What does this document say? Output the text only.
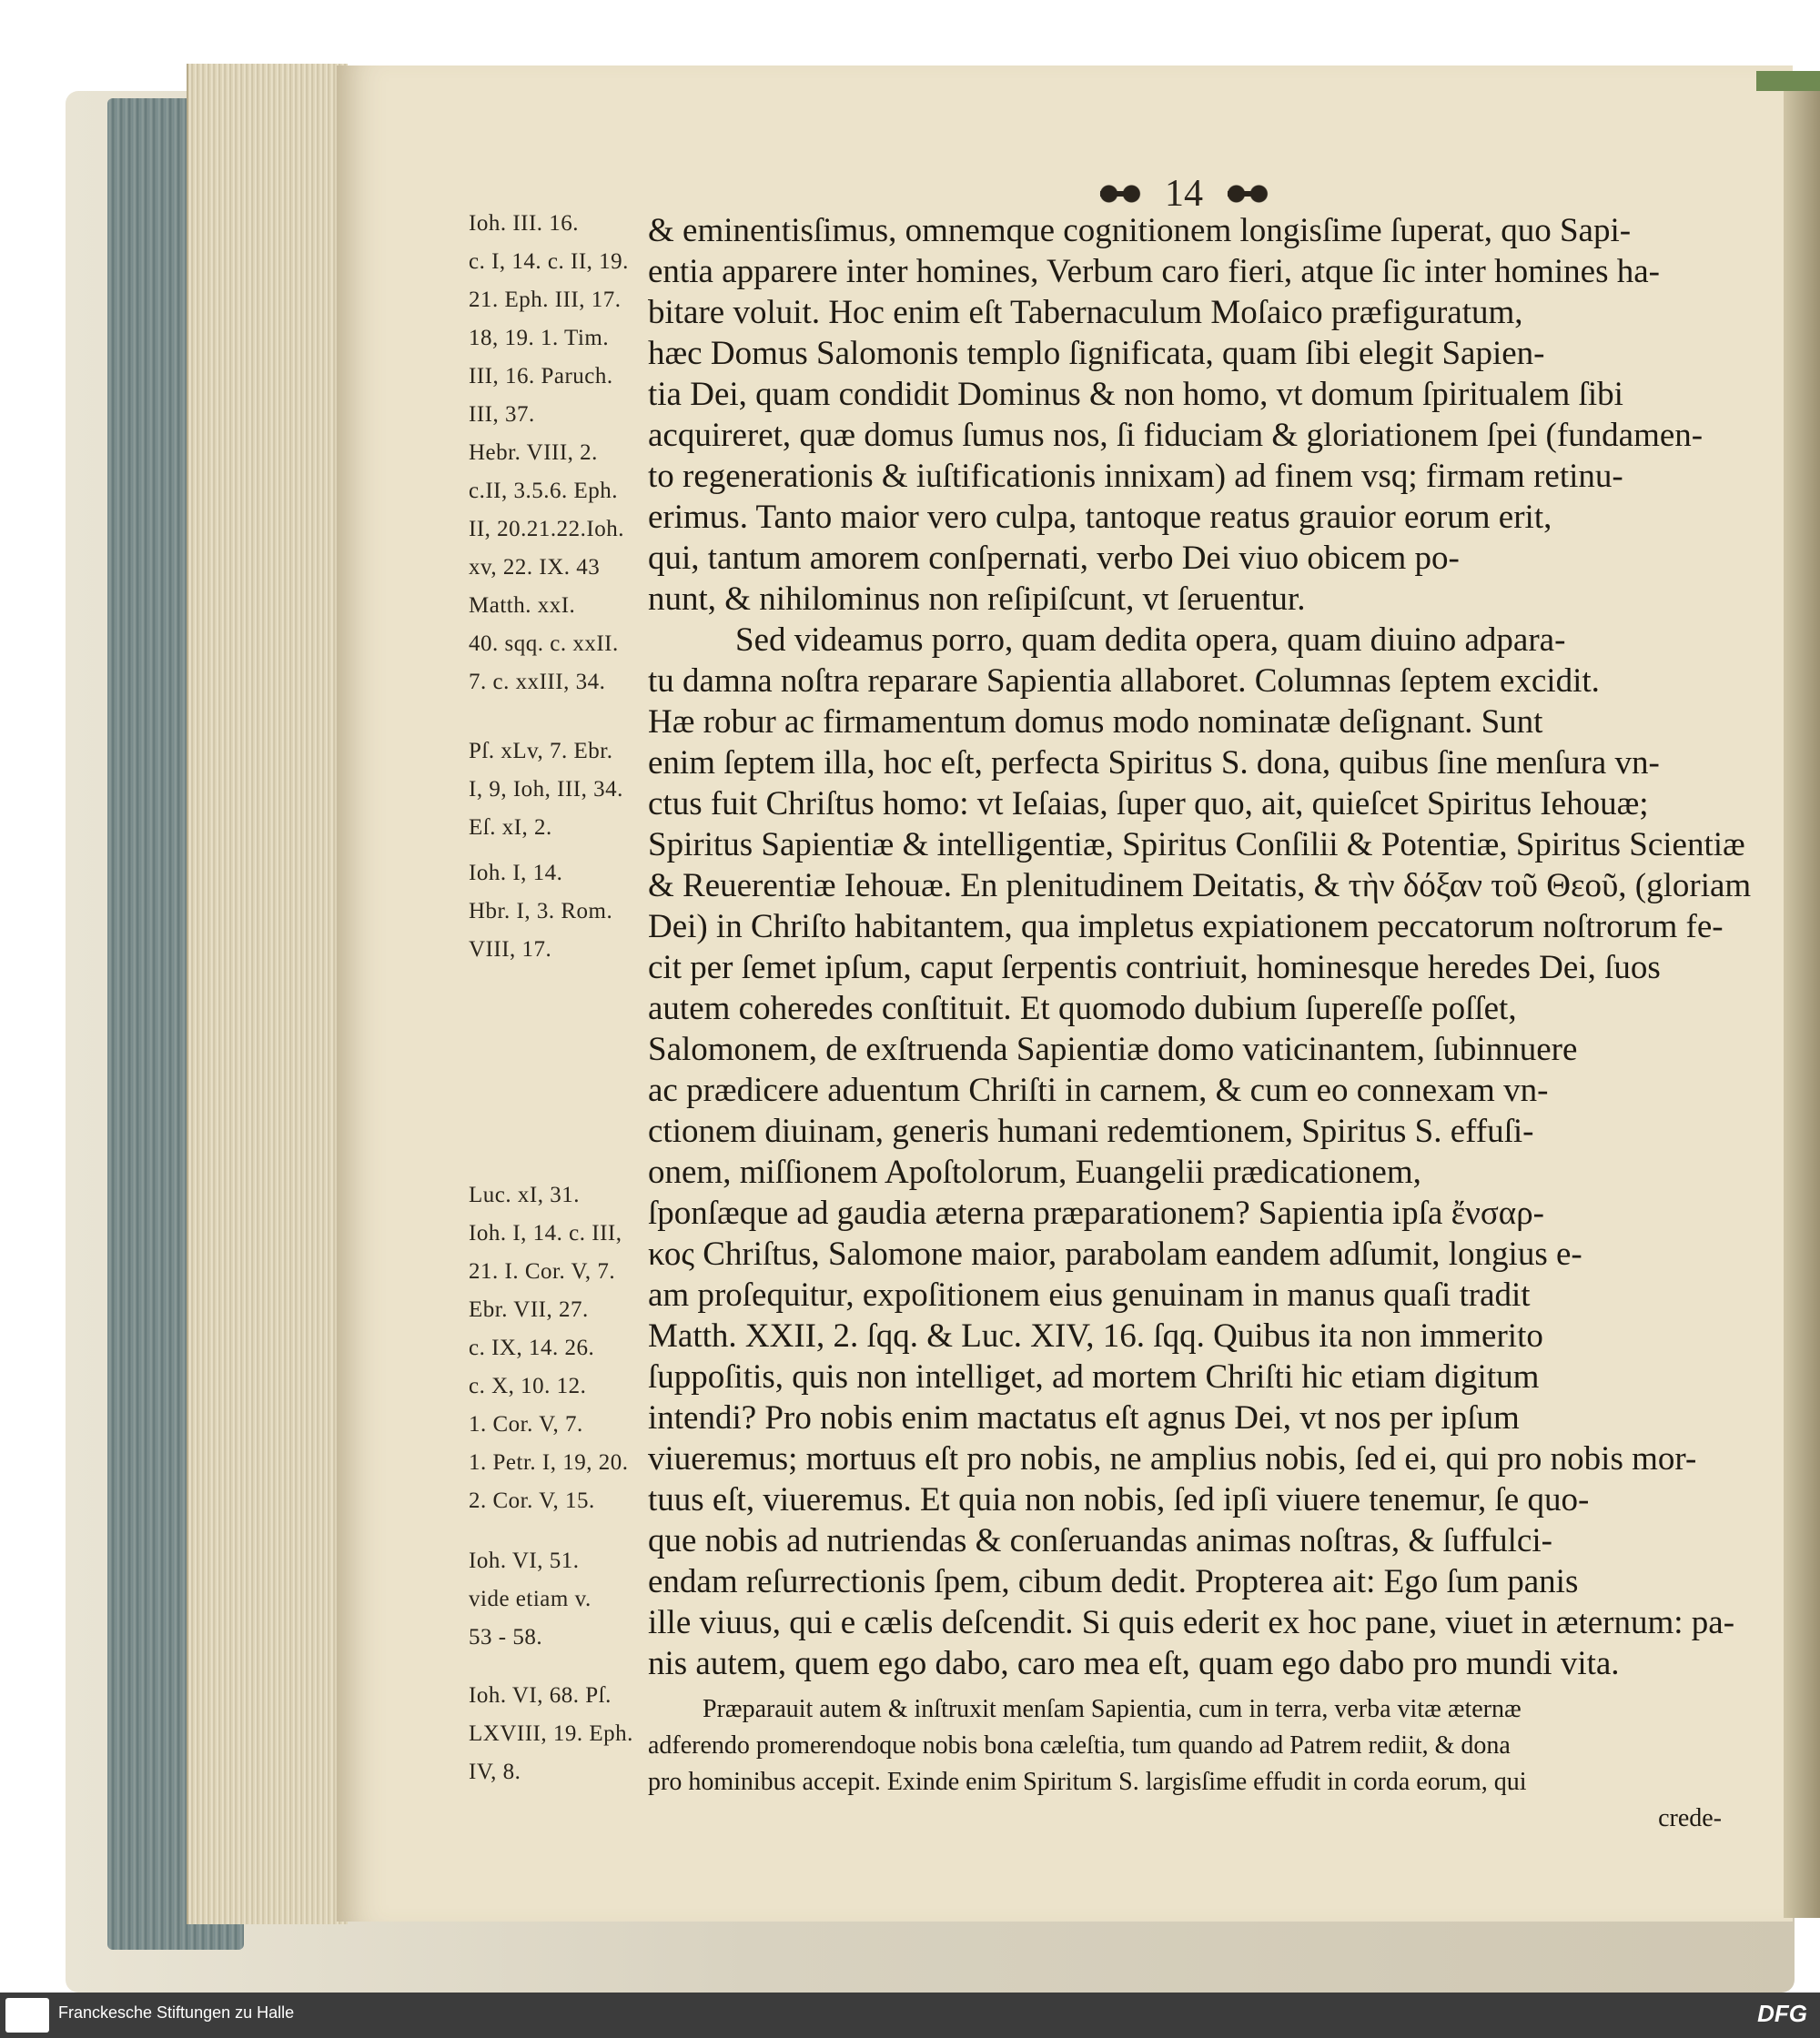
14
Ioh. III. 16.
c. I, 14. c. II, 19.
21. Eph. III, 17.
18, 19. 1. Tim.
III, 16. Paruch.
III, 37.
Hebr. VIII, 2.
c.II, 3.5.6. Eph.
II, 20.21.22.Ioh.
xv, 22. IX. 43
Matth. xxI.
40. sqq. c. xxII.
7. c. xxIII, 34.
Pſ. xLv, 7. Ebr.
I, 9, Ioh, III, 34.
Eſ. xI, 2.
Ioh. I, 14.
Hbr. I, 3. Rom.
VIII, 17.
Luc. xI, 31.
Ioh. I, 14. c. III,
21. I. Cor. V, 7.
Ebr. VII, 27.
c. IX, 14. 26.
c. X, 10. 12.
1. Cor. V, 7.
1. Petr. I, 19, 20.
2. Cor. V, 15.
Ioh. VI, 51.
vide etiam v.
53 - 58.
Ioh. VI, 68. Pſ.
LXVIII, 19. Eph.
IV, 8.
& eminentisſimus, omnemque cognitionem longisſime ſuperat, quo Sapi-
entia apparere inter homines, Verbum caro fieri, atque ſic inter homines ha-
bitare voluit. Hoc enim eſt Tabernaculum Moſaico præfiguratum,
hæc Domus Salomonis templo ſignificata, quam ſibi elegit Sapien-
tia Dei, quam condidit Dominus & non homo, vt domum ſpiritualem ſibi
acquireret, quæ domus ſumus nos, ſi fiduciam & gloriationem ſpei (fundamen-
to regenerationis & iuſtificationis innixam) ad finem vsq; firmam retinu-
erimus. Tanto maior vero culpa, tantoque reatus grauior eorum erit,
qui, tantum amorem conſpernati, verbo Dei viuo obicem po-
nunt, & nihilominus non reſipiſcunt, vt ſeruentur.
Sed videamus porro, quam dedita opera, quam diuino adpara-
tu damna noſtra reparare Sapientia allaboret. Columnas ſeptem excidit.
Hæ robur ac firmamentum domus modo nominatæ deſignant. Sunt
enim ſeptem illa, hoc eſt, perfecta Spiritus S. dona, quibus ſine menſura vn-
ctus fuit Chriſtus homo: vt Ieſaias, ſuper quo, ait, quieſcet Spiritus Iehouæ;
Spiritus Sapientiæ & intelligentiæ, Spiritus Conſilii & Potentiæ, Spiritus Scientiæ
& Reuerentiæ Iehouæ. En plenitudinem Deitatis, & τὴν δόξαν τοῦ Θεοῦ, (gloriam
Dei) in Chriſto habitantem, qua impletus expiationem peccatorum noſtrorum fe-
cit per ſemet ipſum, caput ſerpentis contriuit, hominesque heredes Dei, ſuos
autem coheredes conſtituit. Et quomodo dubium ſupereſſe poſſet,
Salomonem, de exſtruenda Sapientiæ domo vaticinantem, ſubinnuere
ac prædicere aduentum Chriſti in carnem, & cum eo connexam vn-
ctionem diuinam, generis humani redemtionem, Spiritus S. effuſi-
onem, miſſionem Apoſtolorum, Euangelii prædicationem,
ſponſæque ad gaudia æterna præparationem? Sapientia ipſa ἔνσαρ-
κος Chriſtus, Salomone maior, parabolam eandem adſumit, longius e-
am proſequitur, expoſitionem eius genuinam in manus quaſi tradit
Matth. XXII, 2. ſqq. & Luc. XIV, 16. ſqq. Quibus ita non immerito
ſuppoſitis, quis non intelliget, ad mortem Chriſti hic etiam digitum
intendi? Pro nobis enim mactatus eſt agnus Dei, vt nos per ipſum
viueremus; mortuus eſt pro nobis, ne amplius nobis, ſed ei, qui pro nobis mor-
tuus eſt, viueremus. Et quia non nobis, ſed ipſi viuere tenemur, ſe quo-
que nobis ad nutriendas & conſeruandas animas noſtras, & ſuffulci-
endam reſurrectionis ſpem, cibum dedit. Propterea ait: Ego ſum panis
ille viuus, qui e cælis deſcendit. Si quis ederit ex hoc pane, viuet in æternum: pa-
nis autem, quem ego dabo, caro mea eſt, quam ego dabo pro mundi vita.
Præparauit autem & inſtruxit menſam Sapientia, cum in terra, verba vitæ æternæ
adferendo promerendoque nobis bona cæleſtia, tum quando ad Patrem rediit, & dona
pro hominibus accepit. Exinde enim Spiritum S. largisſime effudit in corda eorum, qui
crede-
Franckesche Stiftungen zu Halle	DFG
